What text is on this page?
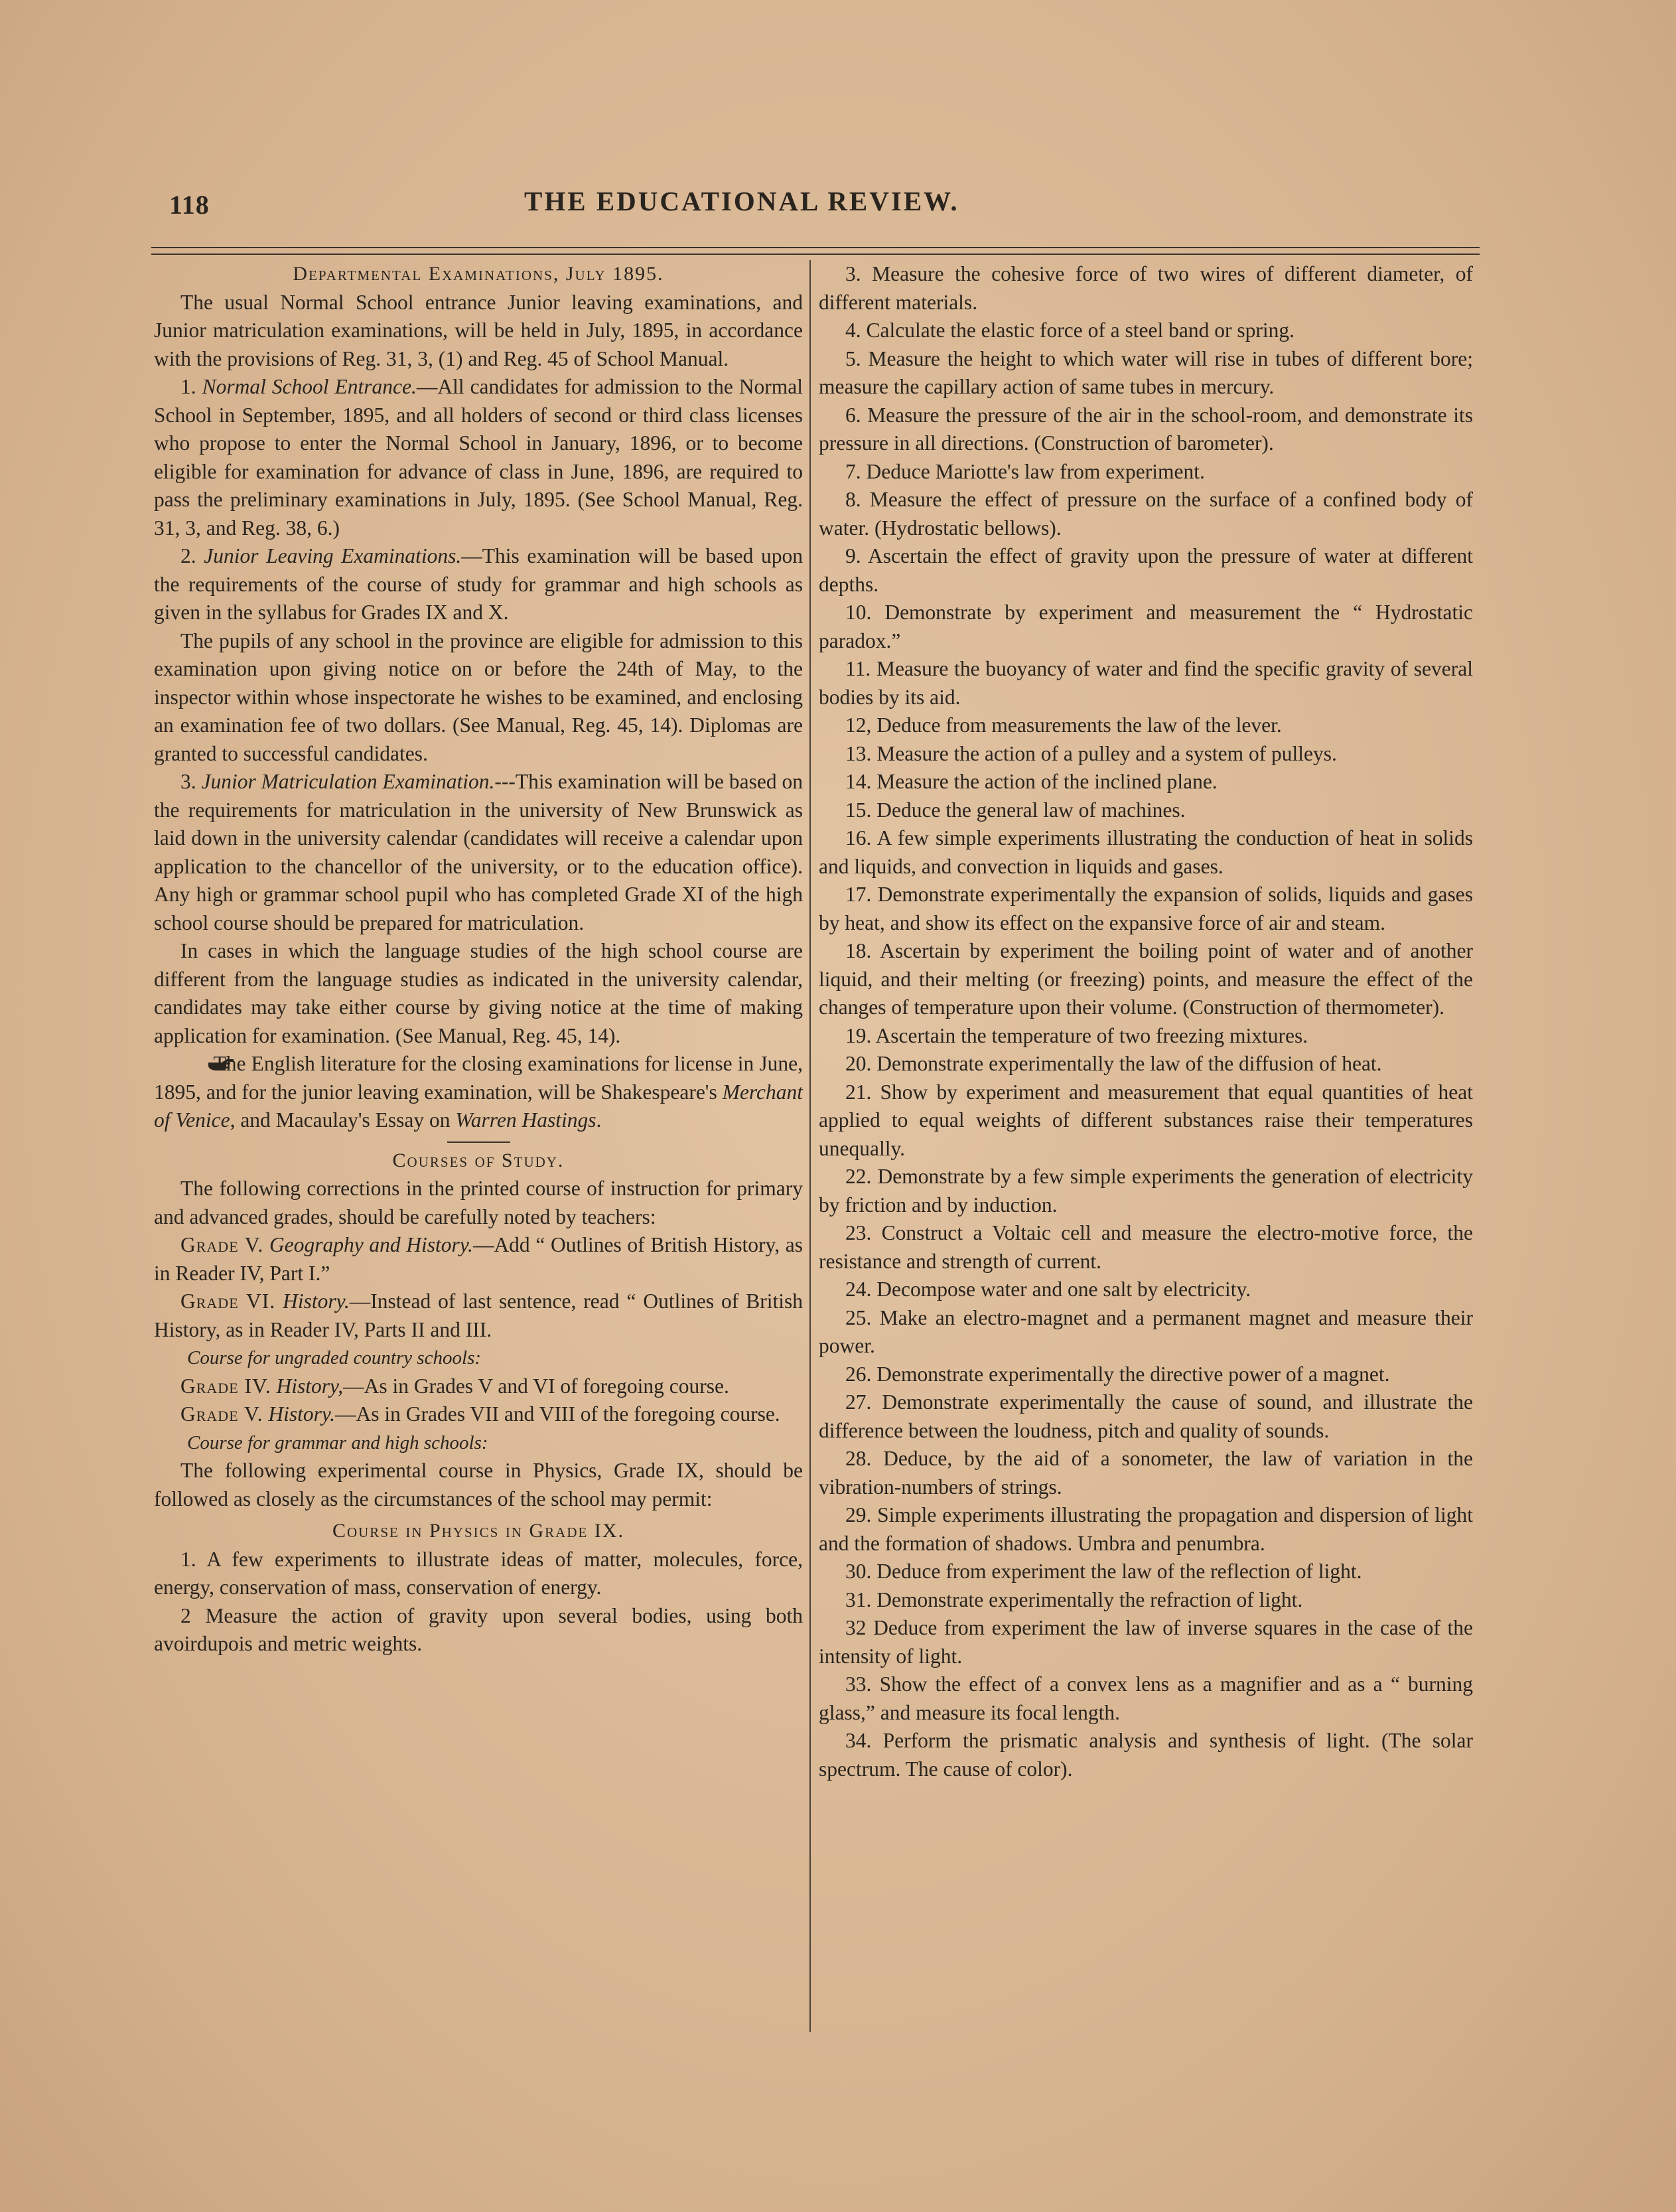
118	THE EDUCATIONAL REVIEW.
Departmental Examinations, July 1895.

The usual Normal School entrance Junior leaving examinations, and Junior matriculation examinations, will be held in July, 1895, in accordance with the provisions of Reg. 31, 3, (1) and Reg. 45 of School Manual.

1. Normal School Entrance.—All candidates for admission to the Normal School in September, 1895, and all holders of second or third class licenses who propose to enter the Normal School in January, 1896, or to become eligible for examination for advance of class in June, 1896, are required to pass the preliminary examinations in July, 1895. (See School Manual, Reg. 31, 3, and Reg. 38, 6.)

2. Junior Leaving Examinations.—This examination will be based upon the requirements of the course of study for grammar and high schools as given in the syllabus for Grades IX and X.

The pupils of any school in the province are eligible for admission to this examination upon giving notice on or before the 24th of May, to the inspector within whose inspectorate he wishes to be examined, and enclosing an examination fee of two dollars. (See Manual, Reg. 45, 14). Diplomas are granted to successful candidates.

3. Junior Matriculation Examination.---This examination will be based on the requirements for matriculation in the university of New Brunswick as laid down in the university calendar (candidates will receive a calendar upon application to the chancellor of the university, or to the education office). Any high or grammar school pupil who has completed Grade XI of the high school course should be prepared for matriculation.

In cases in which the language studies of the high school course are different from the language studies as indicated in the university calendar, candidates may take either course by giving notice at the time of making application for examination. (See Manual, Reg. 45, 14).

The English literature for the closing examinations for license in June, 1895, and for the junior leaving examination, will be Shakespeare's Merchant of Venice, and Macaulay's Essay on Warren Hastings.

Courses of Study.

The following corrections in the printed course of instruction for primary and advanced grades, should be carefully noted by teachers:

Grade V. Geography and History.—Add “ Outlines of British History, as in Reader IV, Part I.”

Grade VI. History.—Instead of last sentence, read “ Outlines of British History, as in Reader IV, Parts II and III.

Course for ungraded country schools:

Grade IV. History,—As in Grades V and VI of foregoing course.

Grade V. History.—As in Grades VII and VIII of the foregoing course.

Course for grammar and high schools:

The following experimental course in Physics, Grade IX, should be followed as closely as the circumstances of the school may permit:

Course in Physics in Grade IX.

1. A few experiments to illustrate ideas of matter, molecules, force, energy, conservation of mass, conservation of energy.

2 Measure the action of gravity upon several bodies, using both avoirdupois and metric weights.

3. Measure the cohesive force of two wires of different diameter, of different materials.

4. Calculate the elastic force of a steel band or spring.

5. Measure the height to which water will rise in tubes of different bore; measure the capillary action of same tubes in mercury.

6. Measure the pressure of the air in the school-room, and demonstrate its pressure in all directions. (Construction of barometer).

7. Deduce Mariotte's law from experiment.

8. Measure the effect of pressure on the surface of a confined body of water. (Hydrostatic bellows).

9. Ascertain the effect of gravity upon the pressure of water at different depths.

10. Demonstrate by experiment and measurement the “ Hydrostatic paradox.”

11. Measure the buoyancy of water and find the specific gravity of several bodies by its aid.

12, Deduce from measurements the law of the lever.

13. Measure the action of a pulley and a system of pulleys.

14. Measure the action of the inclined plane.

15. Deduce the general law of machines.

16. A few simple experiments illustrating the conduction of heat in solids and liquids, and convection in liquids and gases.

17. Demonstrate experimentally the expansion of solids, liquids and gases by heat, and show its effect on the expansive force of air and steam.

18. Ascertain by experiment the boiling point of water and of another liquid, and their melting (or freezing) points, and measure the effect of the changes of temperature upon their volume. (Construction of thermometer).

19. Ascertain the temperature of two freezing mixtures.

20. Demonstrate experimentally the law of the diffusion of heat.

21. Show by experiment and measurement that equal quantities of heat applied to equal weights of different substances raise their temperatures unequally.

22. Demonstrate by a few simple experiments the generation of electricity by friction and by induction.

23. Construct a Voltaic cell and measure the electro-motive force, the resistance and strength of current.

24. Decompose water and one salt by electricity.

25. Make an electro-magnet and a permanent magnet and measure their power.

26. Demonstrate experimentally the directive power of a magnet.

27. Demonstrate experimentally the cause of sound, and illustrate the difference between the loudness, pitch and quality of sounds.

28. Deduce, by the aid of a sonometer, the law of variation in the vibration-numbers of strings.

29. Simple experiments illustrating the propagation and dispersion of light and the formation of shadows. Umbra and penumbra.

30. Deduce from experiment the law of the reflection of light.

31. Demonstrate experimentally the refraction of light.

32 Deduce from experiment the law of inverse squares in the case of the intensity of light.

33. Show the effect of a convex lens as a magnifier and as a “ burning glass,” and measure its focal length.

34. Perform the prismatic analysis and synthesis of light. (The solar spectrum. The cause of color).
